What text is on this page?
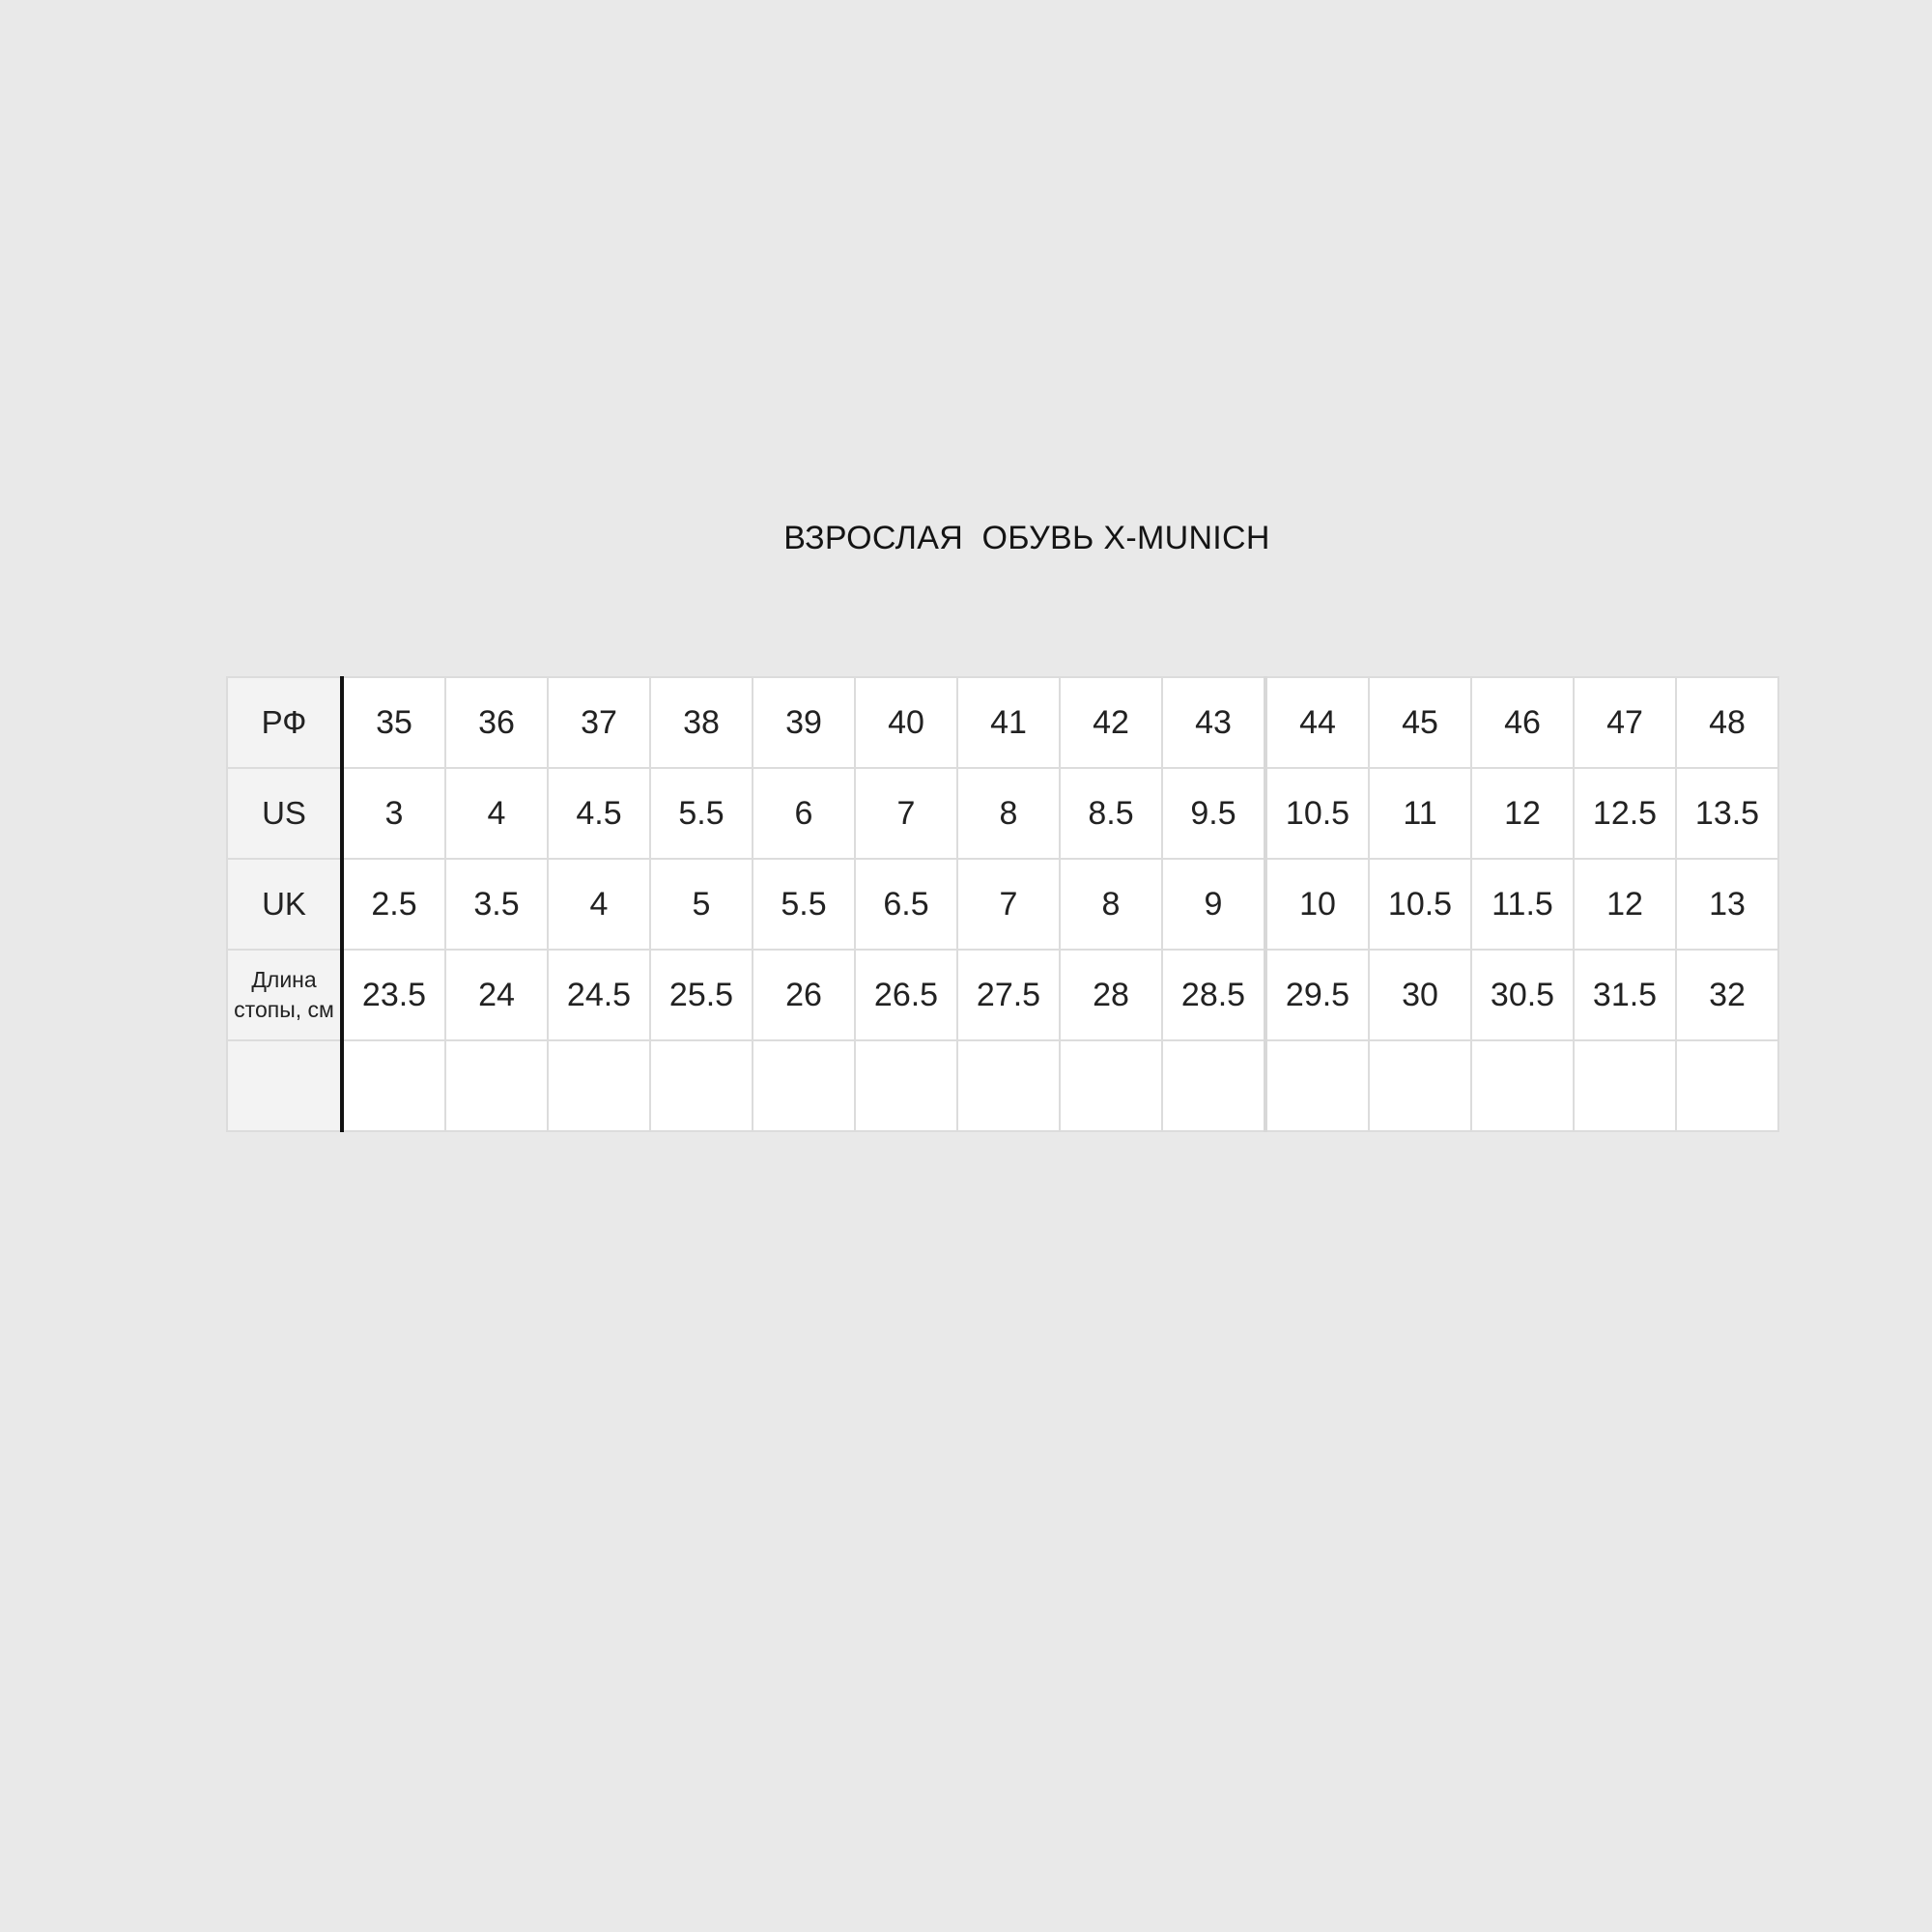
ВЗРОСЛАЯ  ОБУВЬ X-MUNICH
РФ	35	36	37	38	39	40	41	42	43	44	45	46	47	48
US	3	4	4.5	5.5	6	7	8	8.5	9.5	10.5	11	12	12.5	13.5
UK	2.5	3.5	4	5	5.5	6.5	7	8	9	10	10.5	11.5	12	13
Длина
стопы, см	23.5	24	24.5	25.5	26	26.5	27.5	28	28.5	29.5	30	30.5	31.5	32
